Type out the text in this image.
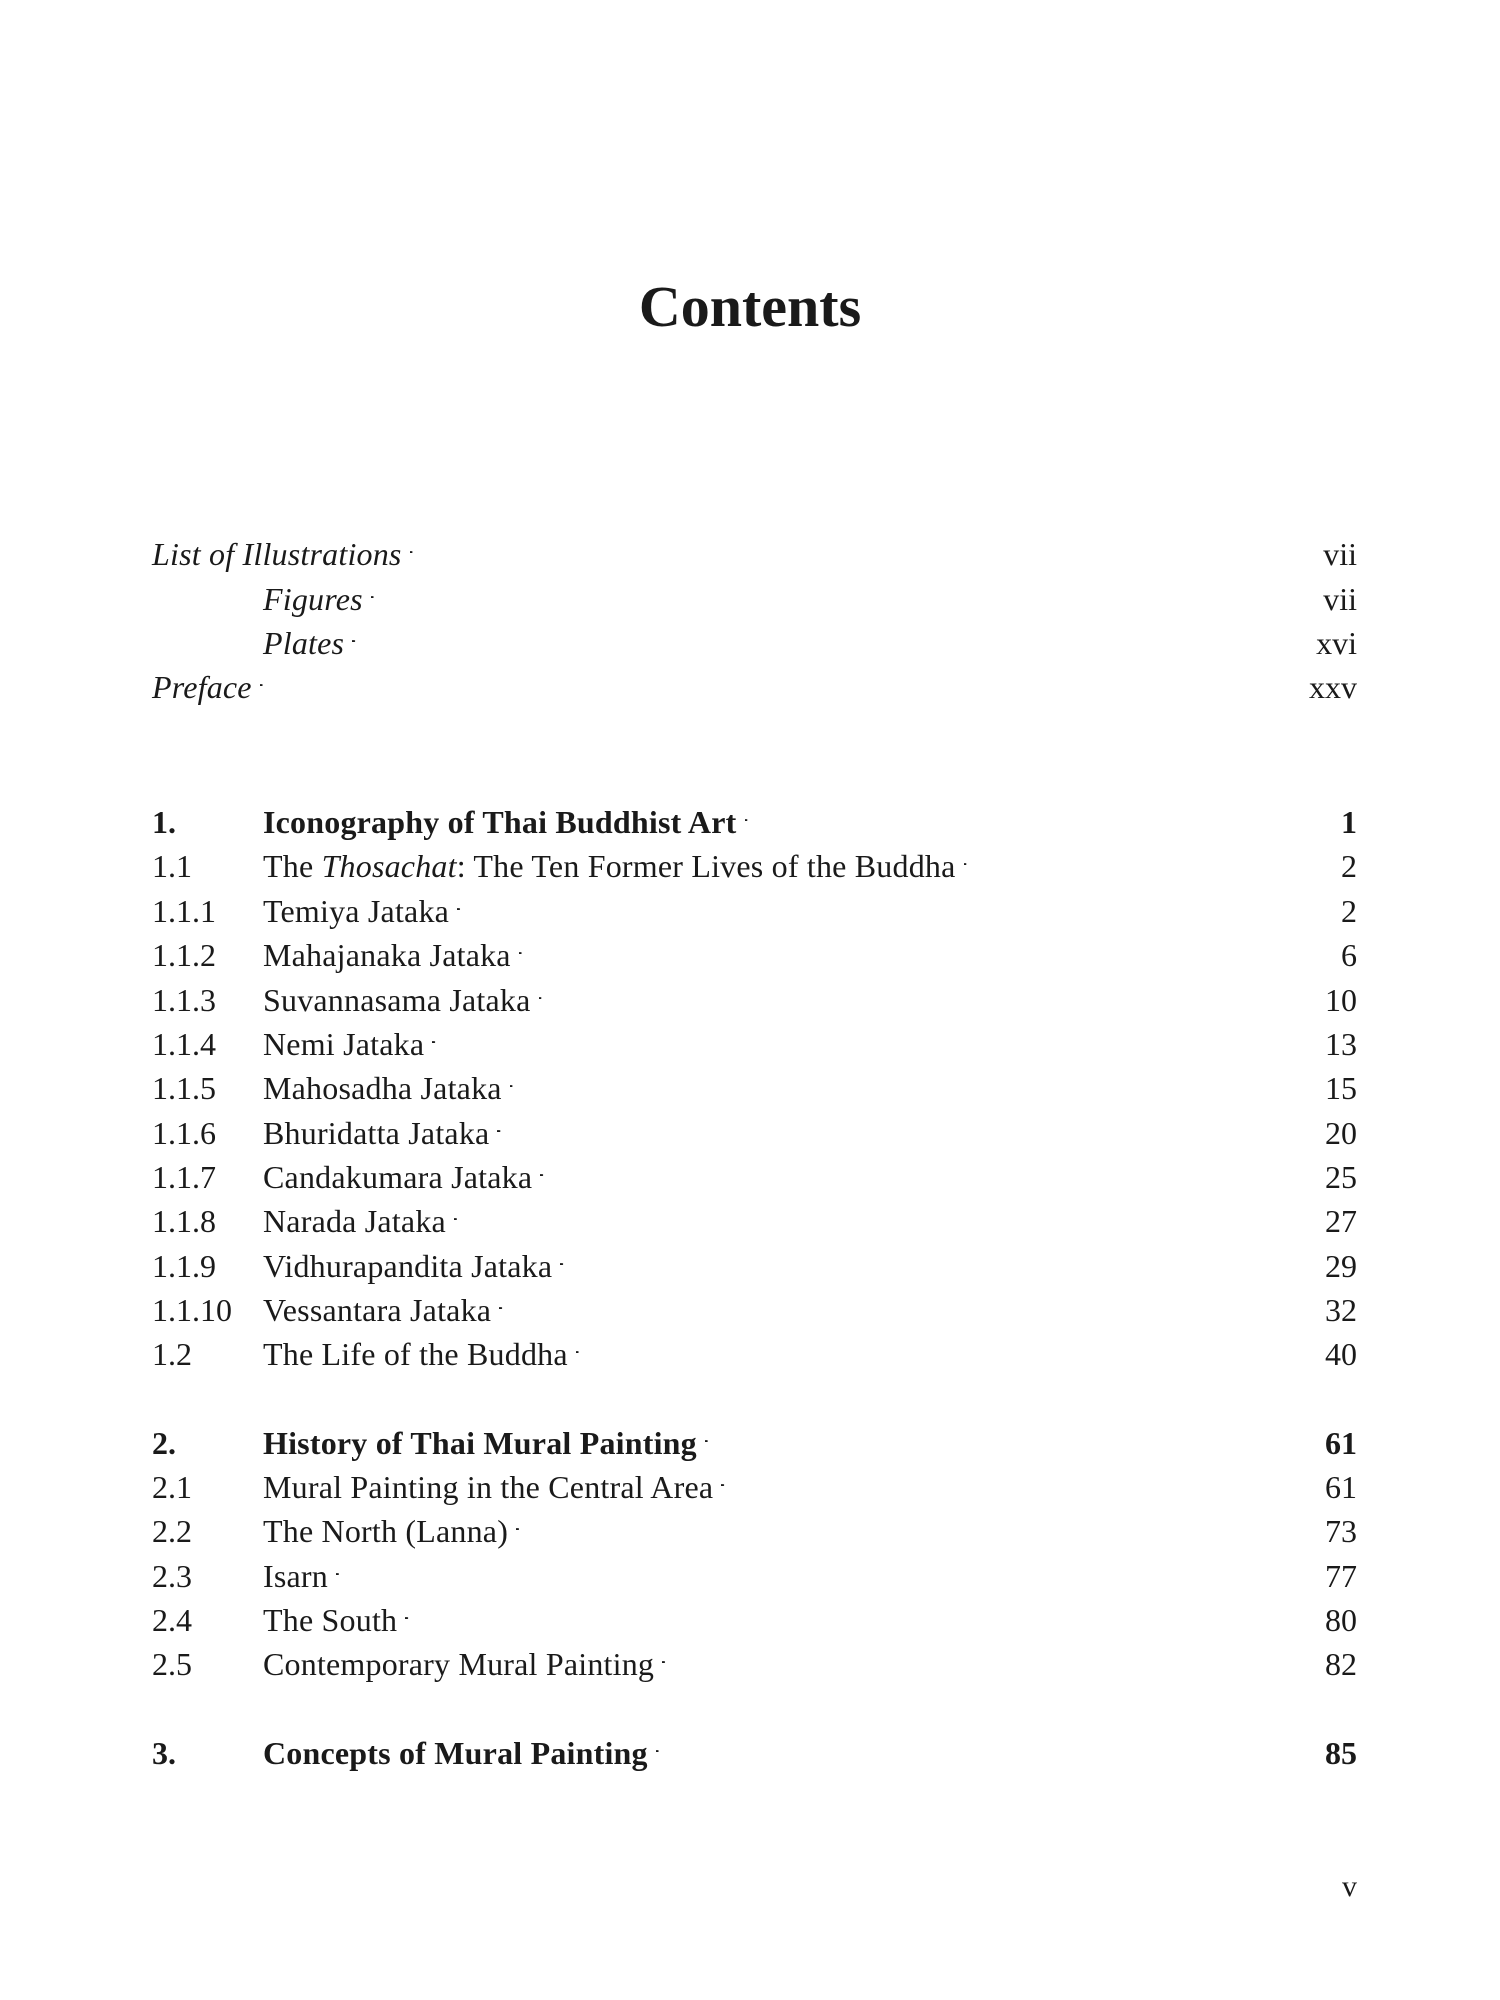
Contents
List of Illustrations . . .	vii
Figures . . .	vii
Plates . . .	xvi
Preface . . .	xxv
1.	Iconography of Thai Buddhist Art . . .	1
1.1	The Thosachat: The Ten Former Lives of the Buddha . . .	2
1.1.1	Temiya Jataka . . .	2
1.1.2	Mahajanaka Jataka . . .	6
1.1.3	Suvannasama Jataka . . .	10
1.1.4	Nemi Jataka . . .	13
1.1.5	Mahosadha Jataka . . .	15
1.1.6	Bhuridatta Jataka . . .	20
1.1.7	Candakumara Jataka . . .	25
1.1.8	Narada Jataka . . .	27
1.1.9	Vidhurapandita Jataka . . .	29
1.1.10 Vessantara Jataka . . .	32
1.2	The Life of the Buddha . . .	40
2.	History of Thai Mural Painting . . .	61
2.1	Mural Painting in the Central Area . . .	61
2.2	The North (Lanna) . . .	73
2.3	Isarn . . .	77
2.4	The South . . .	80
2.5	Contemporary Mural Painting . . .	82
3.	Concepts of Mural Painting . . .	85
v
